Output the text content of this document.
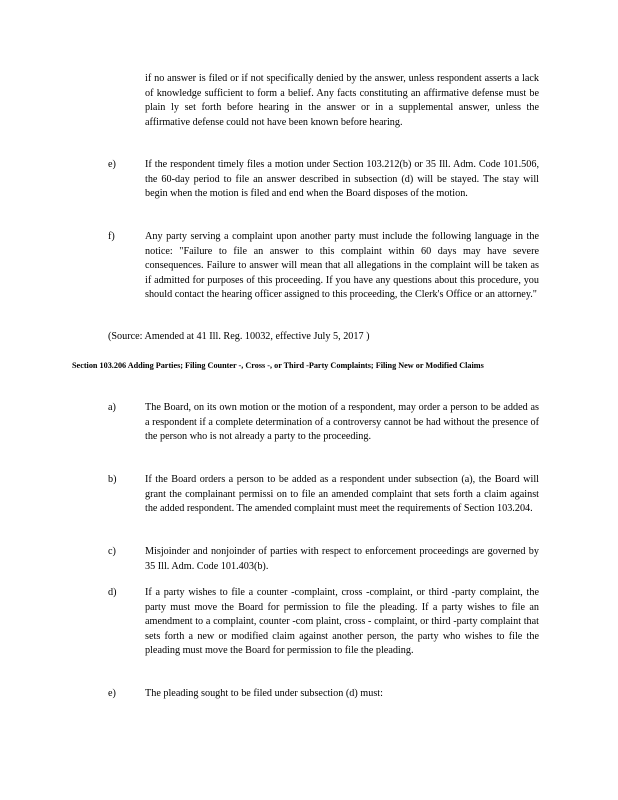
if no answer is filed or if not specifically denied by the answer, unless respondent asserts a lack of knowledge sufficient to form a belief. Any facts constituting an affirmative defense must be plain ly set forth before hearing in the answer or in a supplemental answer, unless the affirmative defense could not have been known before hearing.
e)	If the respondent timely files a motion under Section 103.212(b) or 35 Ill. Adm. Code 101.506, the 60-day period to file an answer described in subsection (d) will be stayed. The stay will begin when the motion is filed and end when the Board disposes of the motion.
f)	Any party serving a complaint upon another party must include the following language in the notice: "Failure to file an answer to this complaint within 60 days may have severe consequences. Failure to answer will mean that all allegations in the complaint will be taken as if admitted for purposes of this proceeding. If you have any questions about this procedure, you should contact the hearing officer assigned to this proceeding, the Clerk's Office or an attorney."
(Source: Amended at 41 Ill. Reg. 10032, effective July 5, 2017 )
Section 103.206 Adding Parties; Filing Counter -, Cross -, or Third -Party Complaints; Filing New or Modified Claims
a)	The Board, on its own motion or the motion of a respondent, may order a person to be added as a respondent if a complete determination of a controversy cannot be had without the presence of the person who is not already a party to the proceeding.
b)	If the Board orders a person to be added as a respondent under subsection (a), the Board will grant the complainant permissi on to file an amended complaint that sets forth a claim against the added respondent. The amended complaint must meet the requirements of Section 103.204.
c)	Misjoinder and nonjoinder of parties with respect to enforcement proceedings are governed by 35 Ill. Adm. Code 101.403(b).
d)	If a party wishes to file a counter -complaint, cross -complaint, or third -party complaint, the party must move the Board for permission to file the pleading. If a party wishes to file an amendment to a complaint, counter -com plaint, cross - complaint, or third -party complaint that sets forth a new or modified claim against another person, the party who wishes to file the pleading must move the Board for permission to file the pleading.
e)	The pleading sought to be filed under subsection (d) must:
